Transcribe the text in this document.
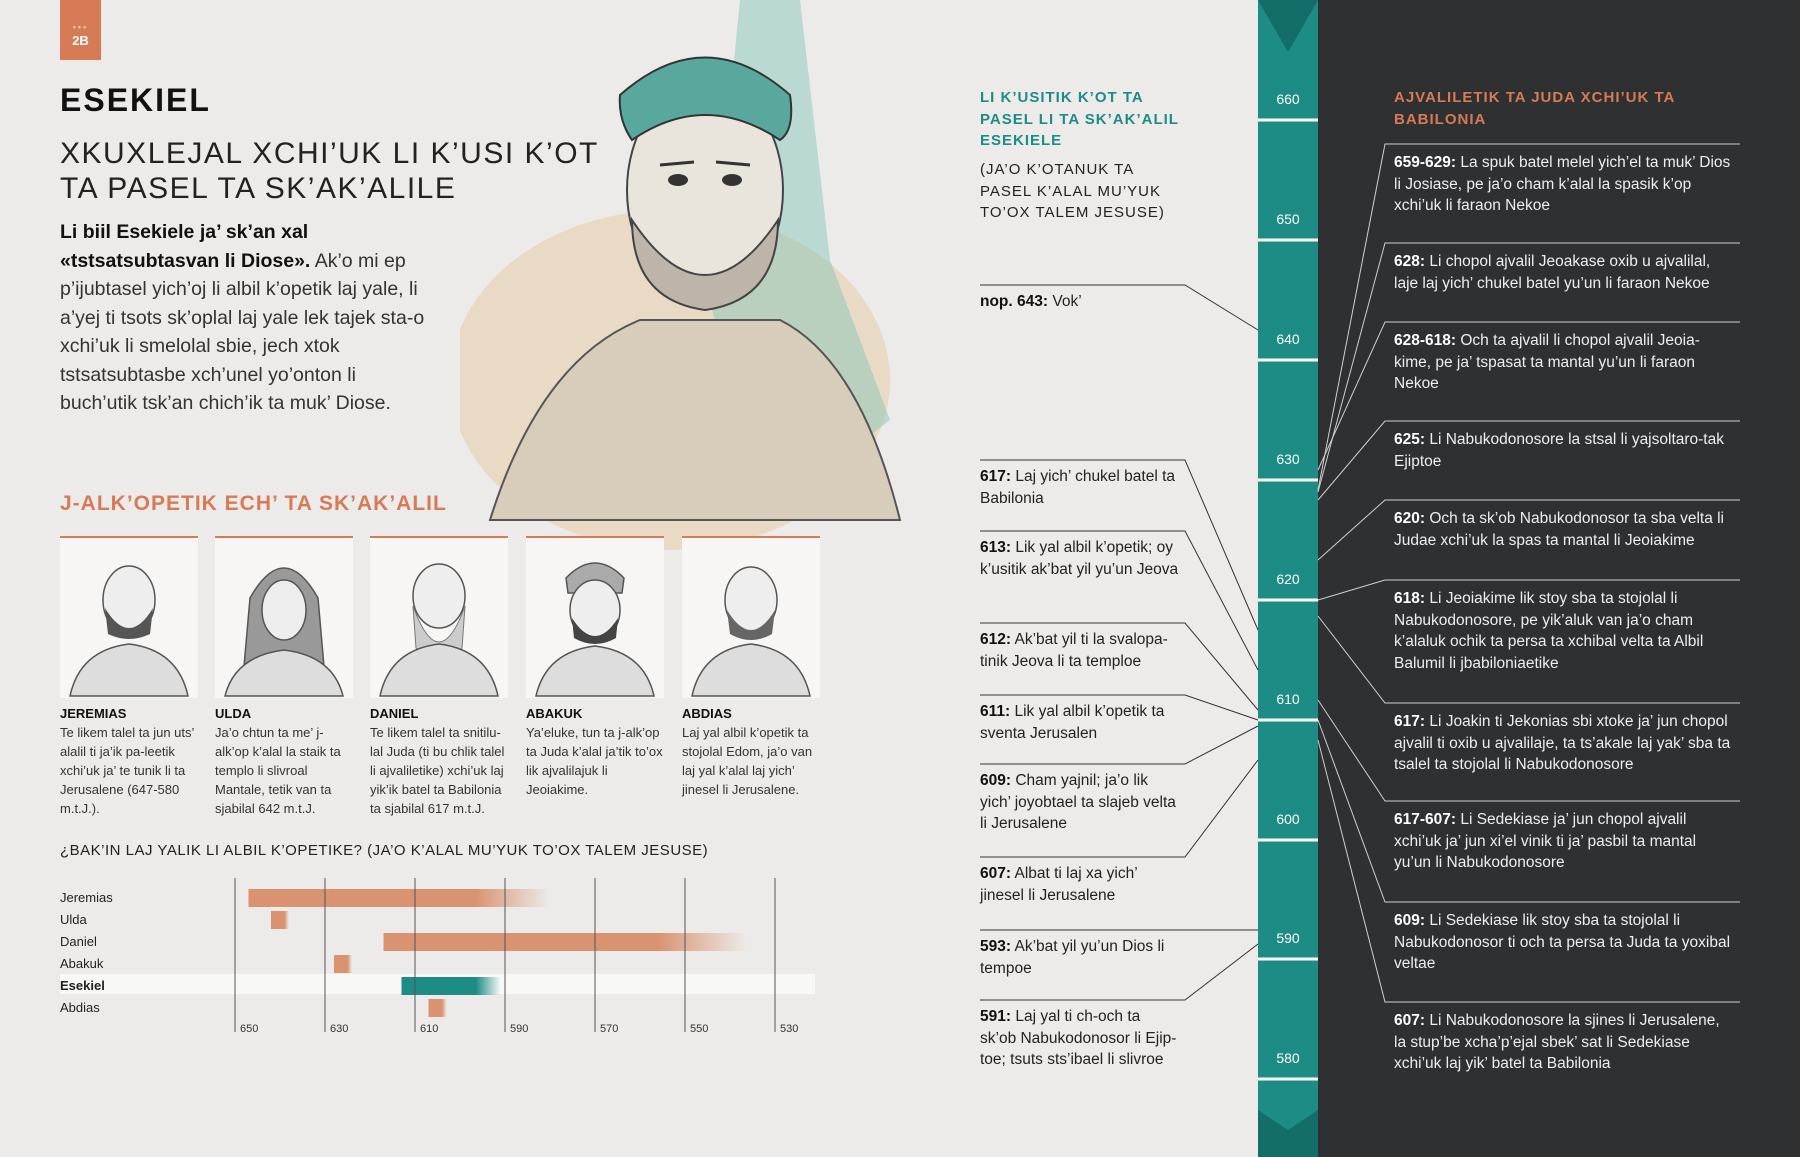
•••
2B
ESEKIEL

XKUXLEJAL XCHI’UK LI K’USI K’OT TA PASEL TA SK’AK’ALILE

Li biil Esekiele ja’ sk’an xal «tstsatsubtasvan li Diose». Ak’o mi ep p’ijubtasel yich’oj li albil k’opetik laj yale, li a’yej ti tsots sk’oplal laj yale lek tajek sta-o xchi’uk li smelolal sbie, jech xtok tstsatsubtasbe xch’unel yo’onton li buch’utik tsk’an chich’ik ta muk’ Diose.

J-ALK’OPETIK ECH’ TA SK’AK’ALIL

JEREMIAS
Te likem talel ta jun uts’ alalil ti ja’ik pa-leetik xchi’uk ja’ te tunik li ta Jerusalene (647-580 m.t.J.).
ULDA
Ja’o chtun ta me’ j-alk’op k’alal la staik ta templo li slivroal Mantale, tetik van ta sjabilal 642 m.t.J.
DANIEL
Te likem talel ta snitilu-lal Juda (ti bu chlik talel li ajvaliletike) xchi’uk laj yik’ik batel ta Babilonia ta sjabilal 617 m.t.J.
ABAKUK
Ya’eluke, tun ta j-alk’op ta Juda k’alal ja’tik to’ox lik ajvalilajuk li Jeoiakime.
ABDIAS
Laj yal albil k’opetik ta stojolal Edom, ja’o van laj yal k’alal laj yich’ jinesel li Jerusalene.

¿BAK’IN LAJ YALIK LI ALBIL K’OPETIKE? (JA’O K’ALAL MU’YUK TO’OX TALEM JESUSE)

Jeremias
Ulda
Daniel
Abakuk
Esekiel
Abdias
650	630	610	590	570	550	530

LI K’USITIK K’OT TA PASEL LI TA SK’AK’ALIL ESEKIELE

(JA’O K’OTANUK TA PASEL K’ALAL MU’YUK TO’OX TALEM JESUSE)

nop. 643: Vok’
617: Laj yich’ chukel batel ta Babilonia
613: Lik yal albil k’opetik; oy k’usitik ak’bat yil yu’un Jeova
612: Ak’bat yil ti la svalopa-tinik Jeova li ta temploe
611: Lik yal albil k’opetik ta sventa Jerusalen
609: Cham yajnil; ja’o lik yich’ joyobtael ta slajeb velta li Jerusalene
607: Albat ti laj xa yich’ jinesel li Jerusalene
593: Ak’bat yil yu’un Dios li tempoe
591: Laj yal ti ch-och ta sk’ob Nabukodonosor li Ejip-toe; tsuts sts’ibael li slivroe
660
650
640
630
620
610
600
590
580

AJVALILETIK TA JUDA XCHI’UK TA BABILONIA

659-629: La spuk batel melel yich’el ta muk’ Dios li Josiase, pe ja’o cham k’alal la spasik k’op xchi’uk li faraon Nekoe
628: Li chopol ajvalil Jeoakase oxib u ajvalilal, laje laj yich’ chukel batel yu’un li faraon Nekoe
628-618: Och ta ajvalil li chopol ajvalil Jeoia-kime, pe ja’ tspasat ta mantal yu’un li faraon Nekoe
625: Li Nabukodonosore la stsal li yajsoltaro-tak Ejiptoe
620: Och ta sk’ob Nabukodonosor ta sba velta li Judae xchi’uk la spas ta mantal li Jeoiakime
618: Li Jeoiakime lik stoy sba ta stojolal li Nabukodonosore, pe yik’aluk van ja’o cham k’alaluk ochik ta persa ta xchibal velta ta Albil Balumil li jbabiloniaetike
617: Li Joakin ti Jekonias sbi xtoke ja’ jun chopol ajvalil ti oxib u ajvalilaje, ta ts’akale laj yak’ sba ta tsalel ta stojolal li Nabukodonosore
617-607: Li Sedekiase ja’ jun chopol ajvalil xchi’uk ja’ jun xi’el vinik ti ja’ pasbil ta mantal yu’un li Nabukodonosore
609: Li Sedekiase lik stoy sba ta stojolal li Nabukodonosor ti och ta persa ta Juda ta yoxibal veltae
607: Li Nabukodonosore la sjines li Jerusalene, la stup’be xcha’p’ejal sbek’ sat li Sedekiase xchi’uk laj yik’ batel ta Babilonia
